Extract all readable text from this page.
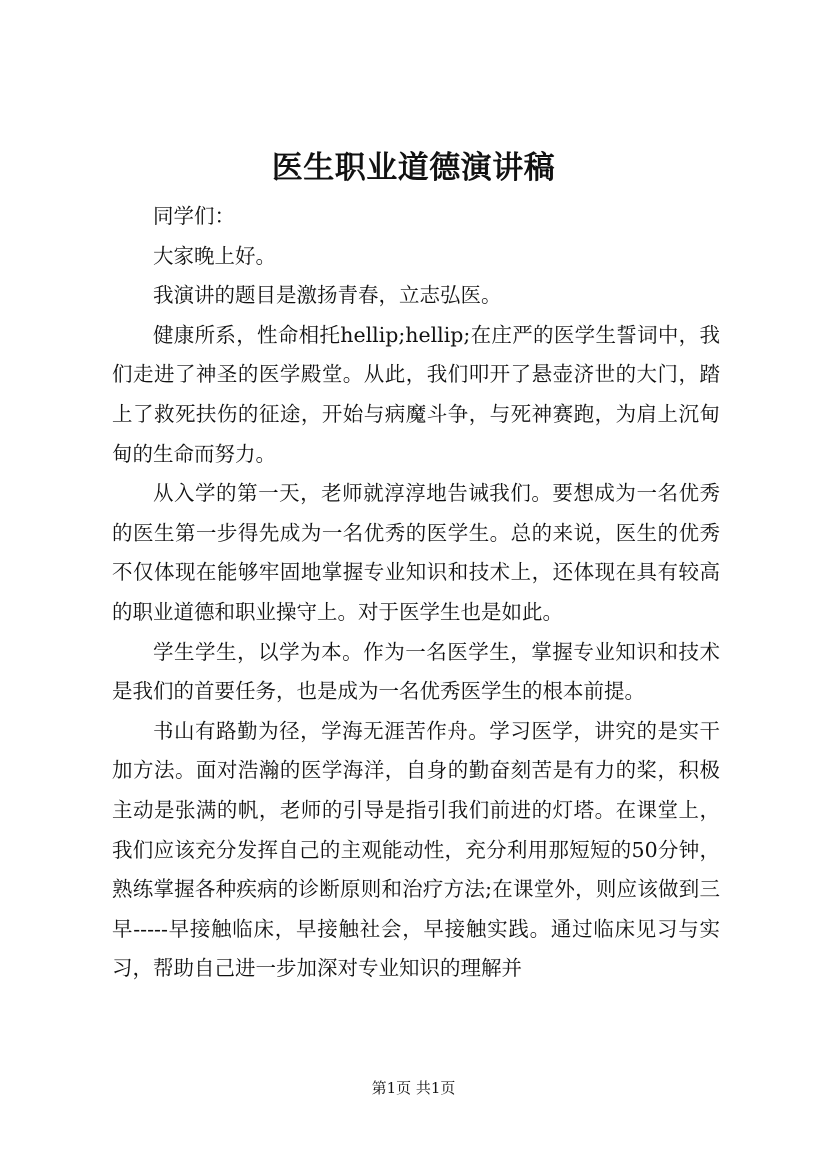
医生职业道德演讲稿

同学们：

大家晚上好。

我演讲的题目是激扬青春，立志弘医。

健康所系，性命相托hellip;hellip;在庄严的医学生誓词中，我们走进了神圣的医学殿堂。从此，我们叩开了悬壶济世的大门，踏上了救死扶伤的征途，开始与病魔斗争，与死神赛跑，为肩上沉甸甸的生命而努力。

从入学的第一天，老师就淳淳地告诫我们。要想成为一名优秀的医生第一步得先成为一名优秀的医学生。总的来说，医生的优秀不仅体现在能够牢固地掌握专业知识和技术上，还体现在具有较高的职业道德和职业操守上。对于医学生也是如此。

学生学生，以学为本。作为一名医学生，掌握专业知识和技术是我们的首要任务，也是成为一名优秀医学生的根本前提。

书山有路勤为径，学海无涯苦作舟。学习医学，讲究的是实干加方法。面对浩瀚的医学海洋，自身的勤奋刻苦是有力的桨，积极主动是张满的帆，老师的引导是指引我们前进的灯塔。在课堂上，我们应该充分发挥自己的主观能动性，充分利用那短短的50分钟，熟练掌握各种疾病的诊断原则和治疗方法;在课堂外，则应该做到三早-----早接触临床，早接触社会，早接触实践。通过临床见习与实习，帮助自己进一步加深对专业知识的理解并

第1页 共1页
